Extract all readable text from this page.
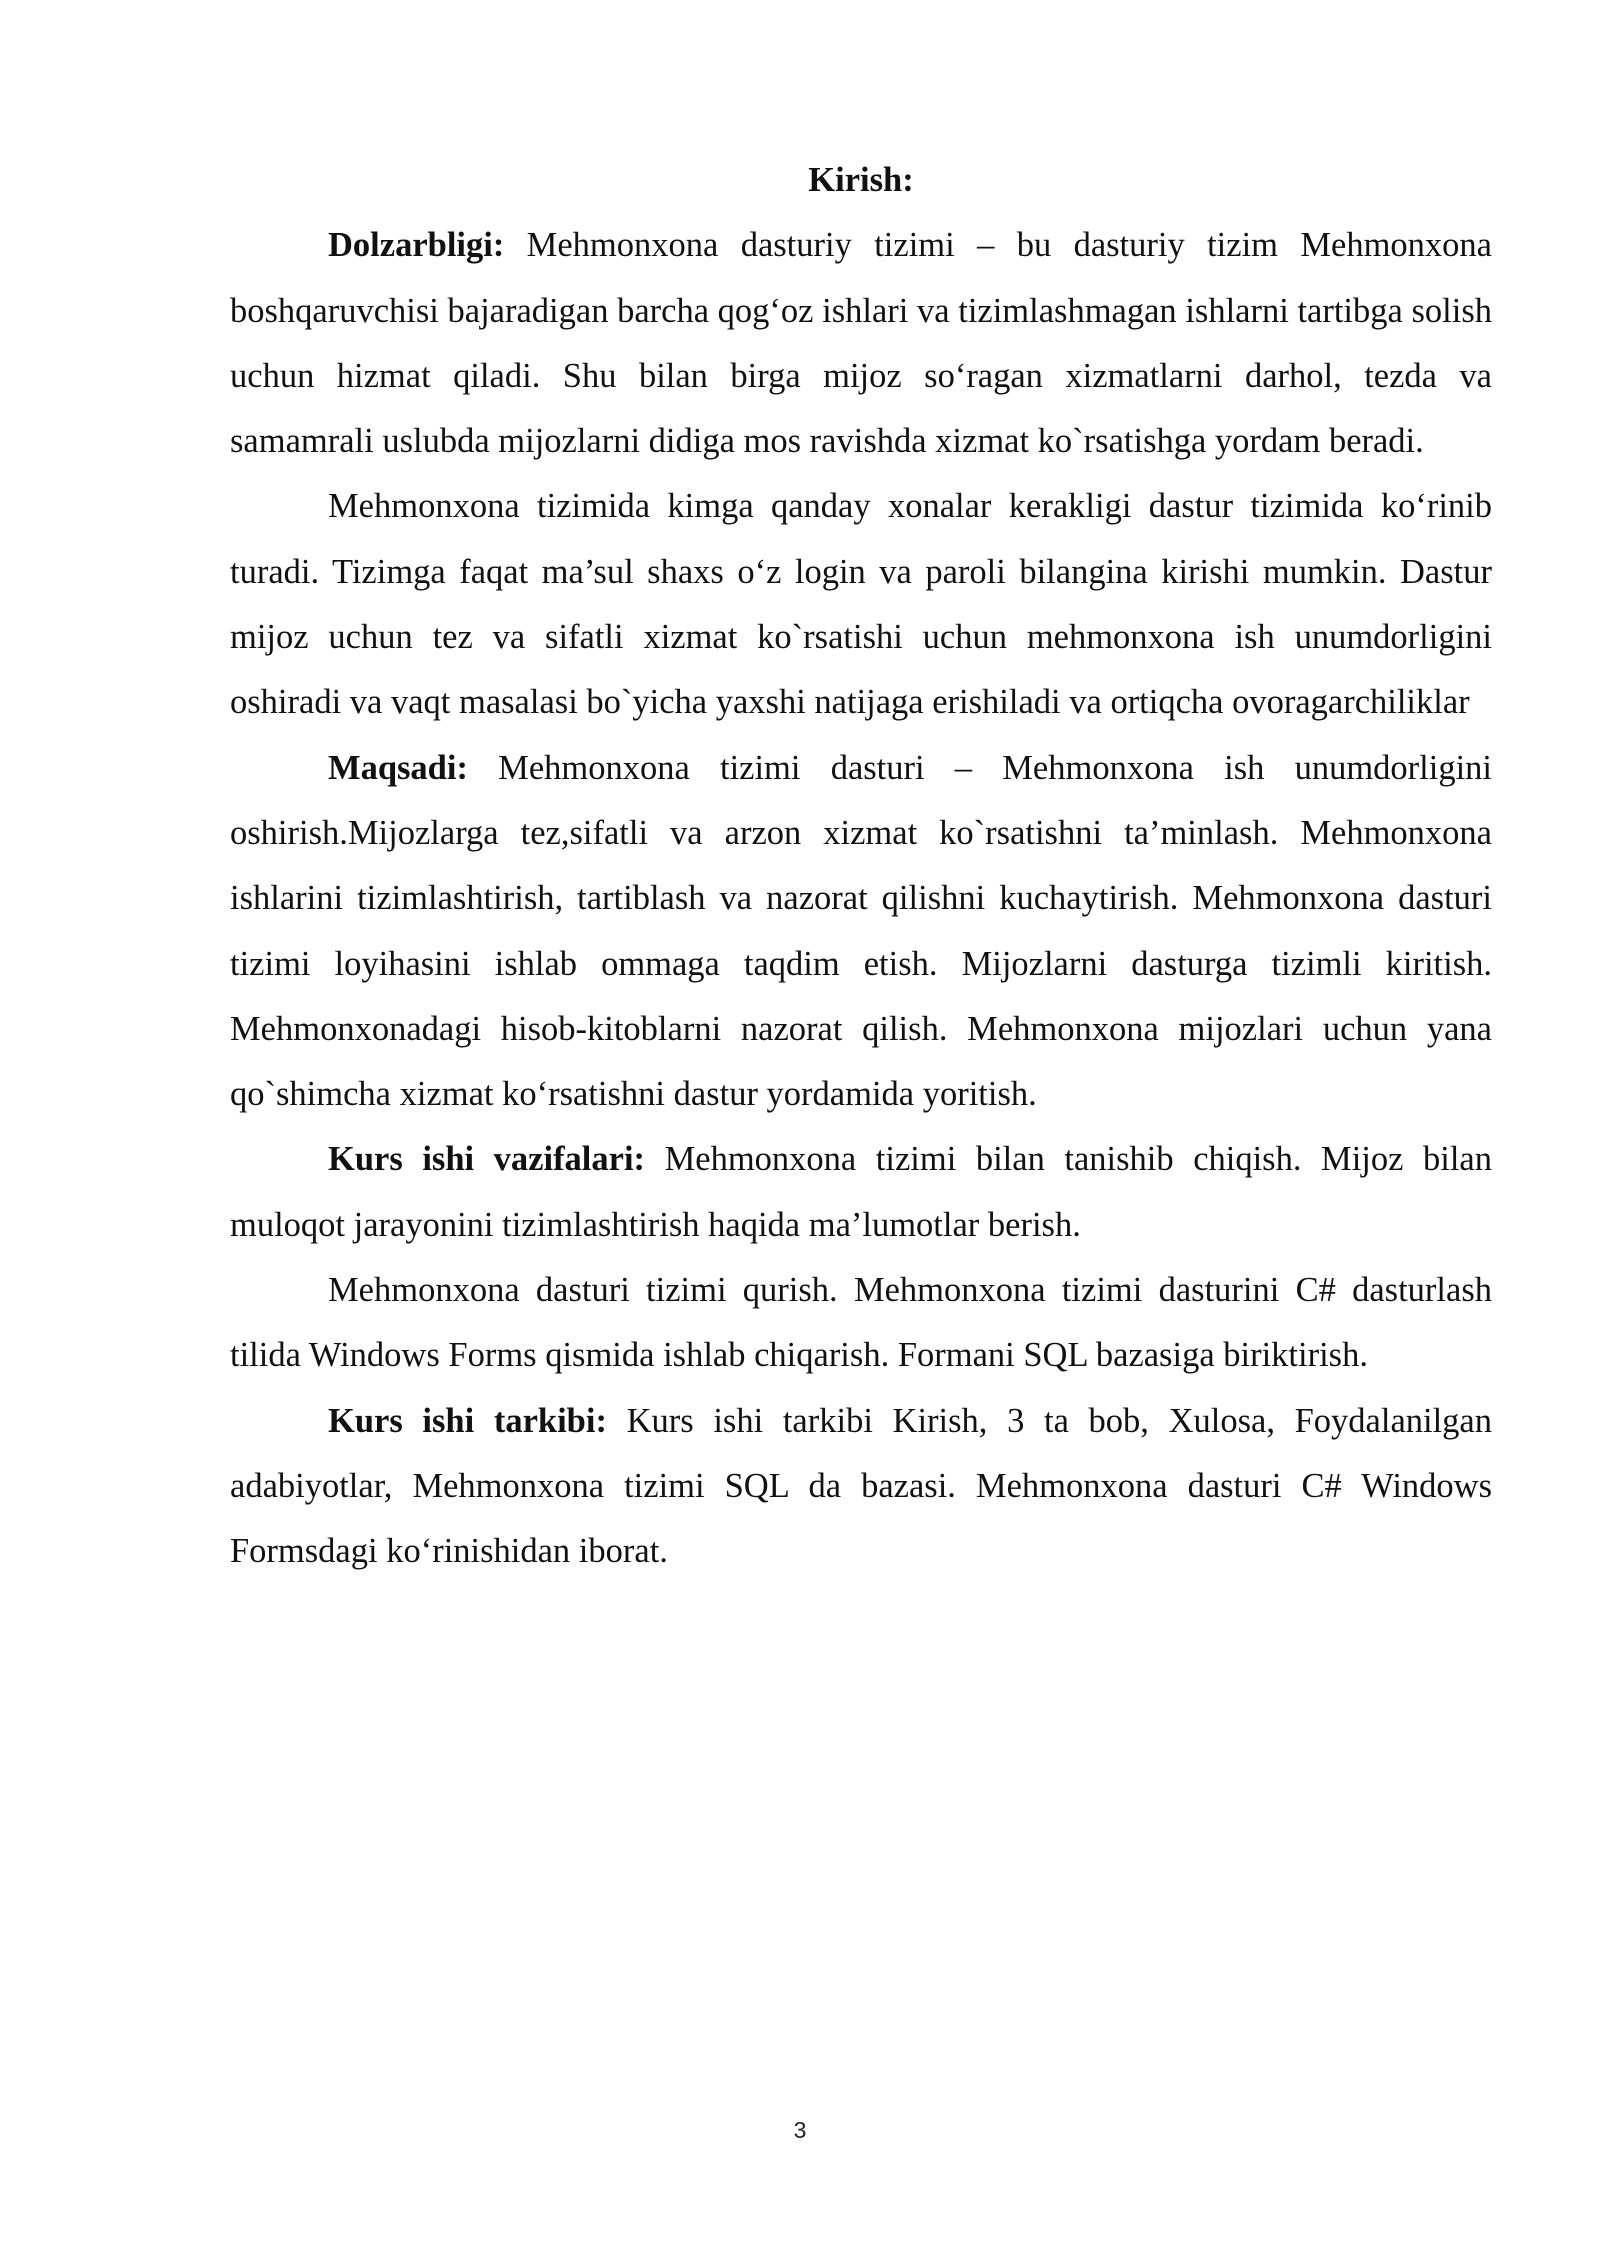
Kirish:

Dolzarbligi: Mehmonxona dasturiy tizimi – bu dasturiy tizim Mehmonxona boshqaruvchisi bajaradigan barcha qog‘oz ishlari va tizimlashmagan ishlarni tartibga solish uchun hizmat qiladi. Shu bilan birga mijoz so‘ragan xizmatlarni darhol, tezda va samamrali uslubda mijozlarni didiga mos ravishda xizmat ko`rsatishga yordam beradi.

Mehmonxona tizimida kimga qanday xonalar kerakligi dastur tizimida ko‘rinib turadi. Tizimga faqat ma’sul shaxs o‘z login va paroli bilangina kirishi mumkin. Dastur mijoz uchun tez va sifatli xizmat ko`rsatishi uchun mehmonxona ish unumdorligini oshiradi va vaqt masalasi bo`yicha yaxshi natijaga erishiladi va ortiqcha ovoragarchiliklar

Maqsadi: Mehmonxona tizimi dasturi – Mehmonxona ish unumdorligini oshirish.Mijozlarga tez,sifatli va arzon xizmat ko`rsatishni ta’minlash. Mehmonxona ishlarini tizimlashtirish, tartiblash va nazorat qilishni kuchaytirish. Mehmonxona dasturi tizimi loyihasini ishlab ommaga taqdim etish. Mijozlarni dasturga tizimli kiritish. Mehmonxonadagi hisob-kitoblarni nazorat qilish. Mehmonxona mijozlari uchun yana qo`shimcha xizmat ko‘rsatishni dastur yordamida yoritish.

Kurs ishi vazifalari: Mehmonxona tizimi bilan tanishib chiqish. Mijoz bilan muloqot jarayonini tizimlashtirish haqida ma’lumotlar berish.

Mehmonxona dasturi tizimi qurish. Mehmonxona tizimi dasturini C# dasturlash tilida Windows Forms qismida ishlab chiqarish. Formani SQL bazasiga biriktirish.

Kurs ishi tarkibi: Kurs ishi tarkibi Kirish, 3 ta bob, Xulosa, Foydalanilgan adabiyotlar, Mehmonxona tizimi SQL da bazasi. Mehmonxona dasturi C# Windows Formsdagi ko‘rinishidan iborat.

3
